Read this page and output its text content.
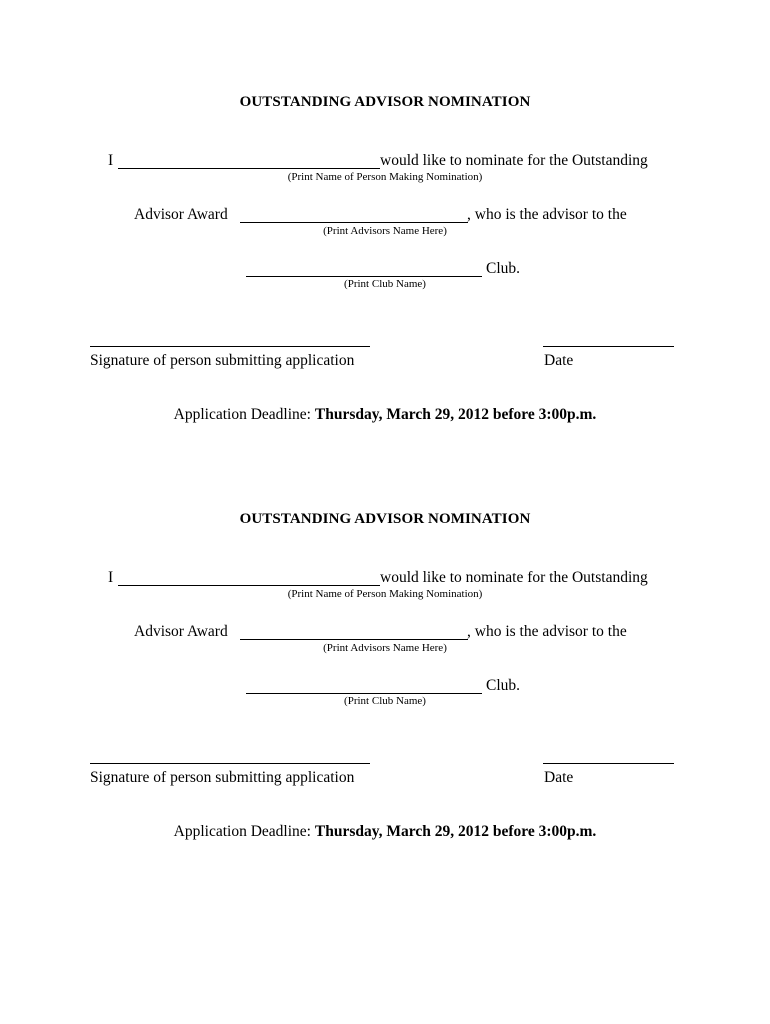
OUTSTANDING ADVISOR NOMINATION
I	would like to nominate for the Outstanding
(Print Name of Person Making Nomination)
Advisor Award	, who is the advisor to the
(Print Advisors Name Here)
Club.
(Print Club Name)
Signature of person submitting application	Date
Application Deadline: Thursday, March 29, 2012 before 3:00p.m.
OUTSTANDING ADVISOR NOMINATION
I	would like to nominate for the Outstanding
(Print Name of Person Making Nomination)
Advisor Award	, who is the advisor to the
(Print Advisors Name Here)
Club.
(Print Club Name)
Signature of person submitting application	Date
Application Deadline: Thursday, March 29, 2012 before 3:00p.m.
